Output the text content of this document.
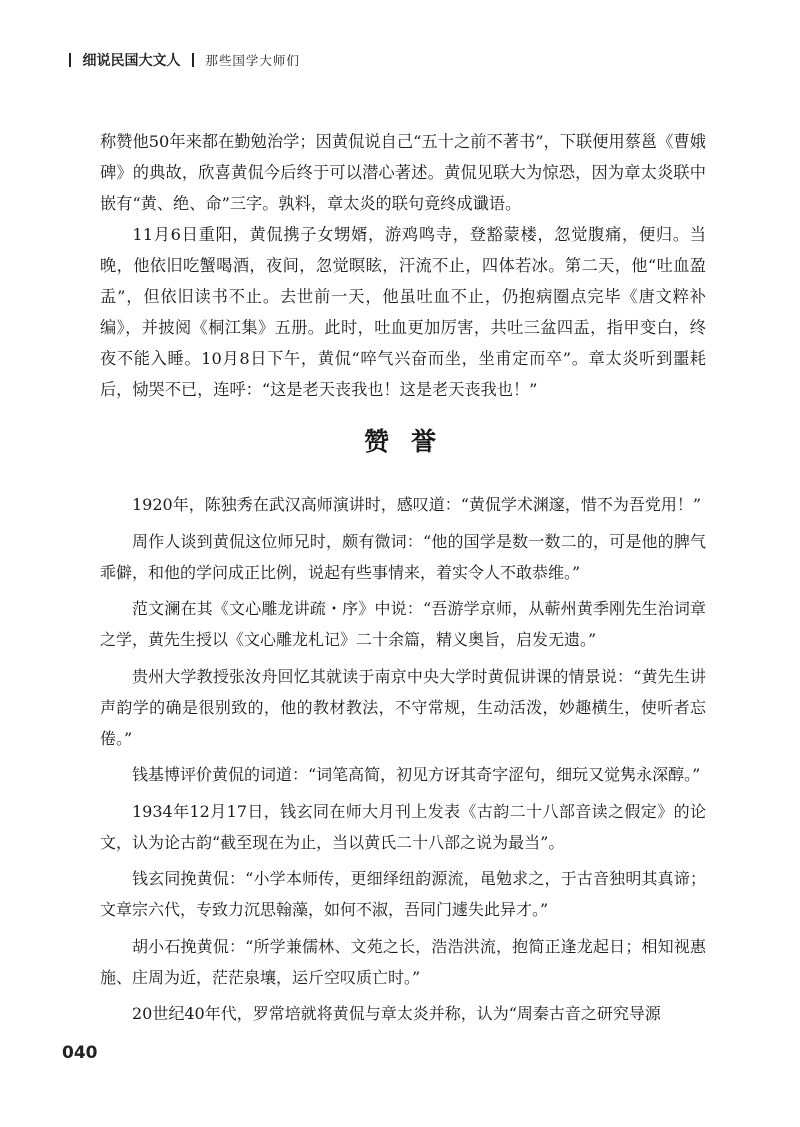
细说民国大文人 那些国学大师们

称赞他50年来都在勤勉治学；因黄侃说自己“五十之前不著书”，下联便用蔡邕《曹娥碑》的典故，欣喜黄侃今后终于可以潜心著述。黄侃见联大为惊恐，因为章太炎联中嵌有“黄、绝、命”三字。孰料，章太炎的联句竟终成谶语。

11月6日重阳，黄侃携子女甥婿，游鸡鸣寺，登豁蒙楼，忽觉腹痛，便归。当晚，他依旧吃蟹喝酒，夜间，忽觉暝眩，汗流不止，四体若冰。第二天，他“吐血盈盂”，但依旧读书不止。去世前一天，他虽吐血不止，仍抱病圈点完毕《唐文粹补编》，并披阅《桐江集》五册。此时，吐血更加厉害，共吐三盆四盂，指甲变白，终夜不能入睡。10月8日下午，黄侃“啐气兴奋而坐，坐甫定而卒”。章太炎听到噩耗后，恸哭不已，连呼：“这是老天丧我也！这是老天丧我也！”

赞誉

1920年，陈独秀在武汉高师演讲时，感叹道：“黄侃学术渊邃，惜不为吾党用！”

周作人谈到黄侃这位师兄时，颇有微词：“他的国学是数一数二的，可是他的脾气乖僻，和他的学问成正比例，说起有些事情来，着实令人不敢恭维。”

范文澜在其《文心雕龙讲疏・序》中说：“吾游学京师，从蕲州黄季刚先生治词章之学，黄先生授以《文心雕龙札记》二十余篇，精义奥旨，启发无遗。”

贵州大学教授张汝舟回忆其就读于南京中央大学时黄侃讲课的情景说：“黄先生讲声韵学的确是很别致的，他的教材教法，不守常规，生动活泼，妙趣横生，使听者忘倦。”

钱基博评价黄侃的词道：“词笔高简，初见方讶其奇字涩句，细玩又觉隽永深醇。”

1934年12月17日，钱玄同在师大月刊上发表《古韵二十八部音读之假定》的论文，认为论古韵“截至现在为止，当以黄氏二十八部之说为最当”。

钱玄同挽黄侃：“小学本师传，更细绎纽韵源流，黾勉求之，于古音独明其真谛；文章宗六代，专致力沉思翰藻，如何不淑，吾同门遽失此异才。”

胡小石挽黄侃：“所学兼儒林、文苑之长，浩浩洪流，抱简正逢龙起日；相知视惠施、庄周为近，茫茫泉壤，运斤空叹质亡时。”

20世纪40年代，罗常培就将黄侃与章太炎并称，认为“周秦古音之研究导源

040
